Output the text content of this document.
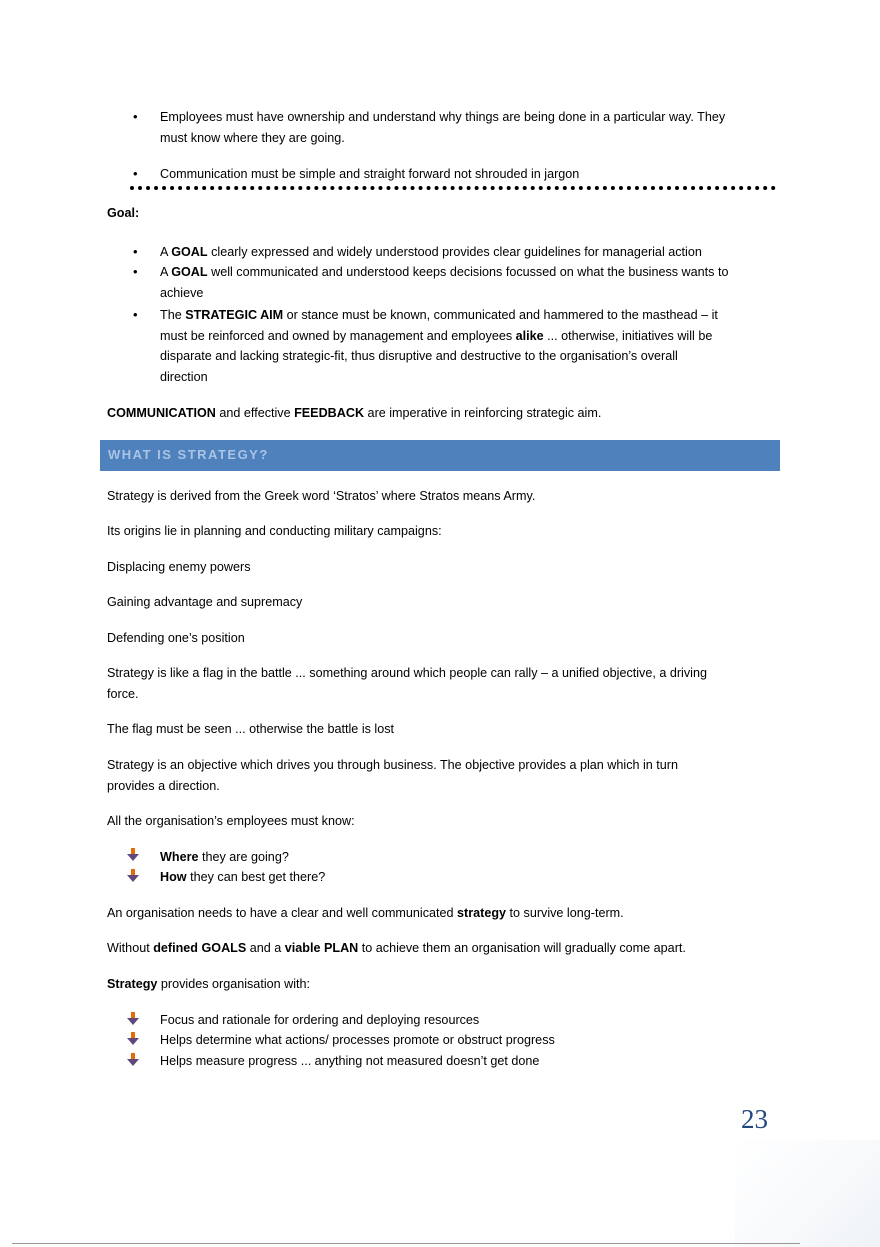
•	Employees must have ownership and understand why things are being done in a particular way. They
must know where they are going.
•	Communication must be simple and straight forward not shrouded in jargon
Goal:
•	A GOAL clearly expressed and widely understood provides clear guidelines for managerial action
•	A GOAL well communicated and understood keeps decisions focussed on what the business wants to
achieve
•	The STRATEGIC AIM or stance must be known, communicated and hammered to the masthead – it
must be reinforced and owned by management and employees alike ... otherwise, initiatives will be
disparate and lacking strategic-fit, thus disruptive and destructive to the organisation’s overall
direction
COMMUNICATION and effective FEEDBACK are imperative in reinforcing strategic aim.
WHAT IS STRATEGY?
Strategy is derived from the Greek word ‘Stratos’ where Stratos means Army.
Its origins lie in planning and conducting military campaigns:
Displacing enemy powers
Gaining advantage and supremacy
Defending one’s position
Strategy is like a flag in the battle ... something around which people can rally – a unified objective, a driving
force.
The flag must be seen ... otherwise the battle is lost
Strategy is an objective which drives you through business. The objective provides a plan which in turn
provides a direction.
All the organisation’s employees must know:
Where they are going?
How they can best get there?
An organisation needs to have a clear and well communicated strategy to survive long-term.
Without defined GOALS and a viable PLAN to achieve them an organisation will gradually come apart.
Strategy provides organisation with:
Focus and rationale for ordering and deploying resources
Helps determine what actions/ processes promote or obstruct progress
Helps measure progress ... anything not measured doesn’t get done
23
